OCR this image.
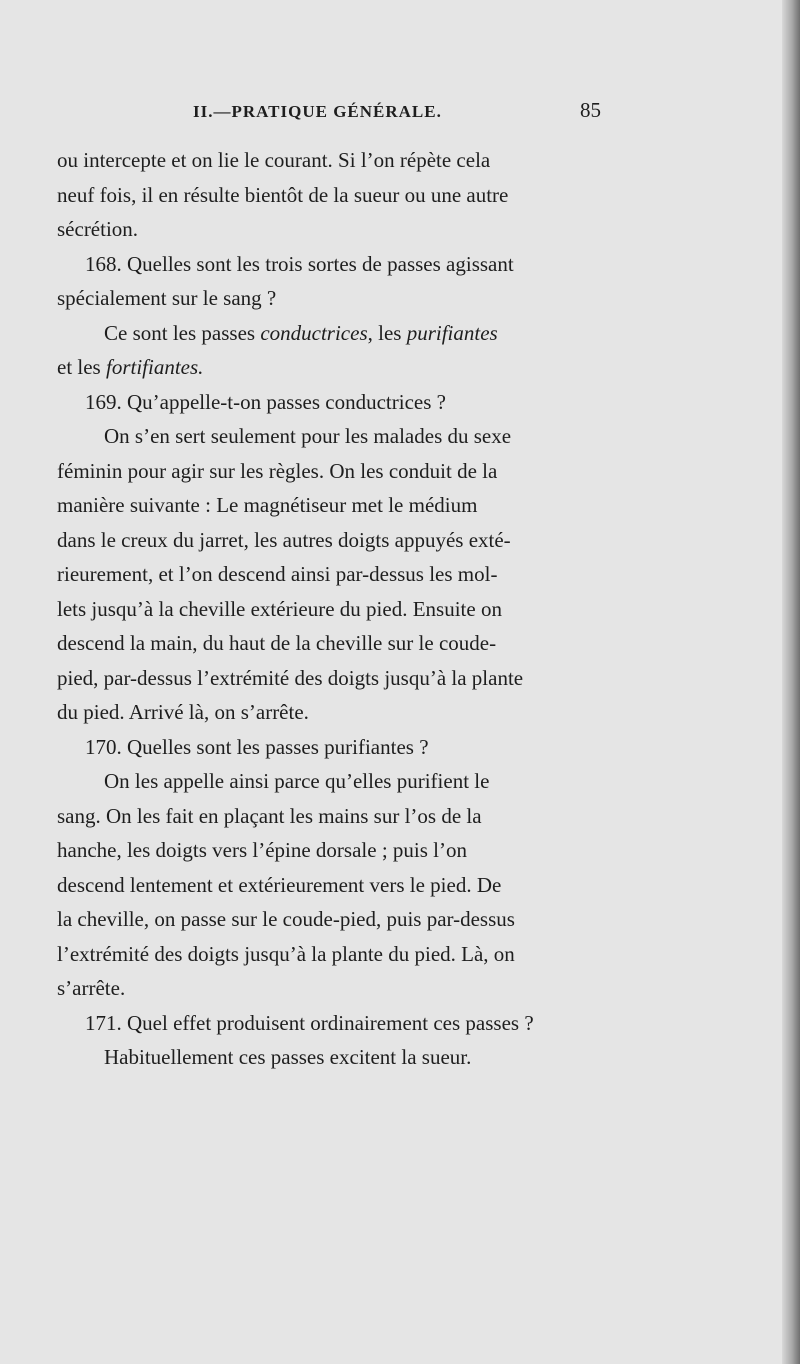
II.—PRATIQUE GÉNÉRALE.	85
ou intercepte et on lie le courant. Si l’on répète cela
neuf fois, il en résulte bientôt de la sueur ou une autre
sécrétion.
168. Quelles sont les trois sortes de passes agissant
spécialement sur le sang ?
Ce sont les passes conductrices, les purifiantes
et les fortifiantes.
169. Qu’appelle-t-on passes conductrices ?
On s’en sert seulement pour les malades du sexe
féminin pour agir sur les règles. On les conduit de la
manière suivante : Le magnétiseur met le médium
dans le creux du jarret, les autres doigts appuyés exté-
rieurement, et l’on descend ainsi par-dessus les mol-
lets jusqu’à la cheville extérieure du pied. Ensuite on
descend la main, du haut de la cheville sur le coude-
pied, par-dessus l’extrémité des doigts jusqu’à la plante
du pied. Arrivé là, on s’arrête.
170. Quelles sont les passes purifiantes ?
On les appelle ainsi parce qu’elles purifient le
sang. On les fait en plaçant les mains sur l’os de la
hanche, les doigts vers l’épine dorsale ; puis l’on
descend lentement et extérieurement vers le pied. De
la cheville, on passe sur le coude-pied, puis par-dessus
l’extrémité des doigts jusqu’à la plante du pied. Là, on
s’arrête.
171. Quel effet produisent ordinairement ces passes ?
Habituellement ces passes excitent la sueur.
